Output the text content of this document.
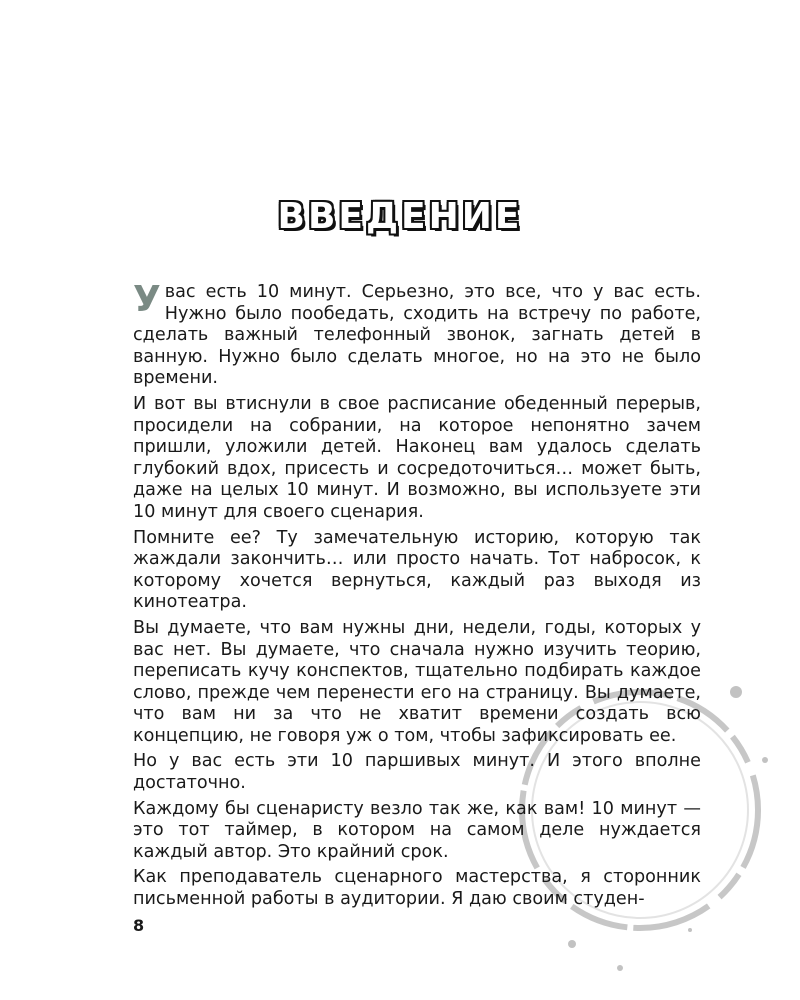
ВВЕДЕНИЕ

У вас есть 10 минут. Серьезно, это все, что у вас есть. Нужно было пообедать, сходить на встречу по работе, сделать важный телефонный звонок, загнать детей в ванную. Нужно было сделать многое, но на это не было времени.

И вот вы втиснули в свое расписание обеденный перерыв, просидели на собрании, на которое непонятно зачем пришли, уложили детей. Наконец вам удалось сделать глубокий вдох, присесть и сосредоточиться… может быть, даже на целых 10 минут. И возможно, вы используете эти 10 минут для своего сценария.

Помните ее? Ту замечательную историю, которую так жаждали закончить… или просто начать. Тот набросок, к которому хочется вернуться, каждый раз выходя из кинотеатра.

Вы думаете, что вам нужны дни, недели, годы, которых у вас нет. Вы думаете, что сначала нужно изучить теорию, переписать кучу конспектов, тщательно подбирать каждое слово, прежде чем перенести его на страницу. Вы думаете, что вам ни за что не хватит времени создать всю концепцию, не говоря уж о том, чтобы зафиксировать ее.

Но у вас есть эти 10 паршивых минут. И этого вполне достаточно.

Каждому бы сценаристу везло так же, как вам! 10 минут — это тот таймер, в котором на самом деле нуждается каждый автор. Это крайний срок.

Как преподаватель сценарного мастерства, я сторонник письменной работы в аудитории. Я даю своим студен-

8
